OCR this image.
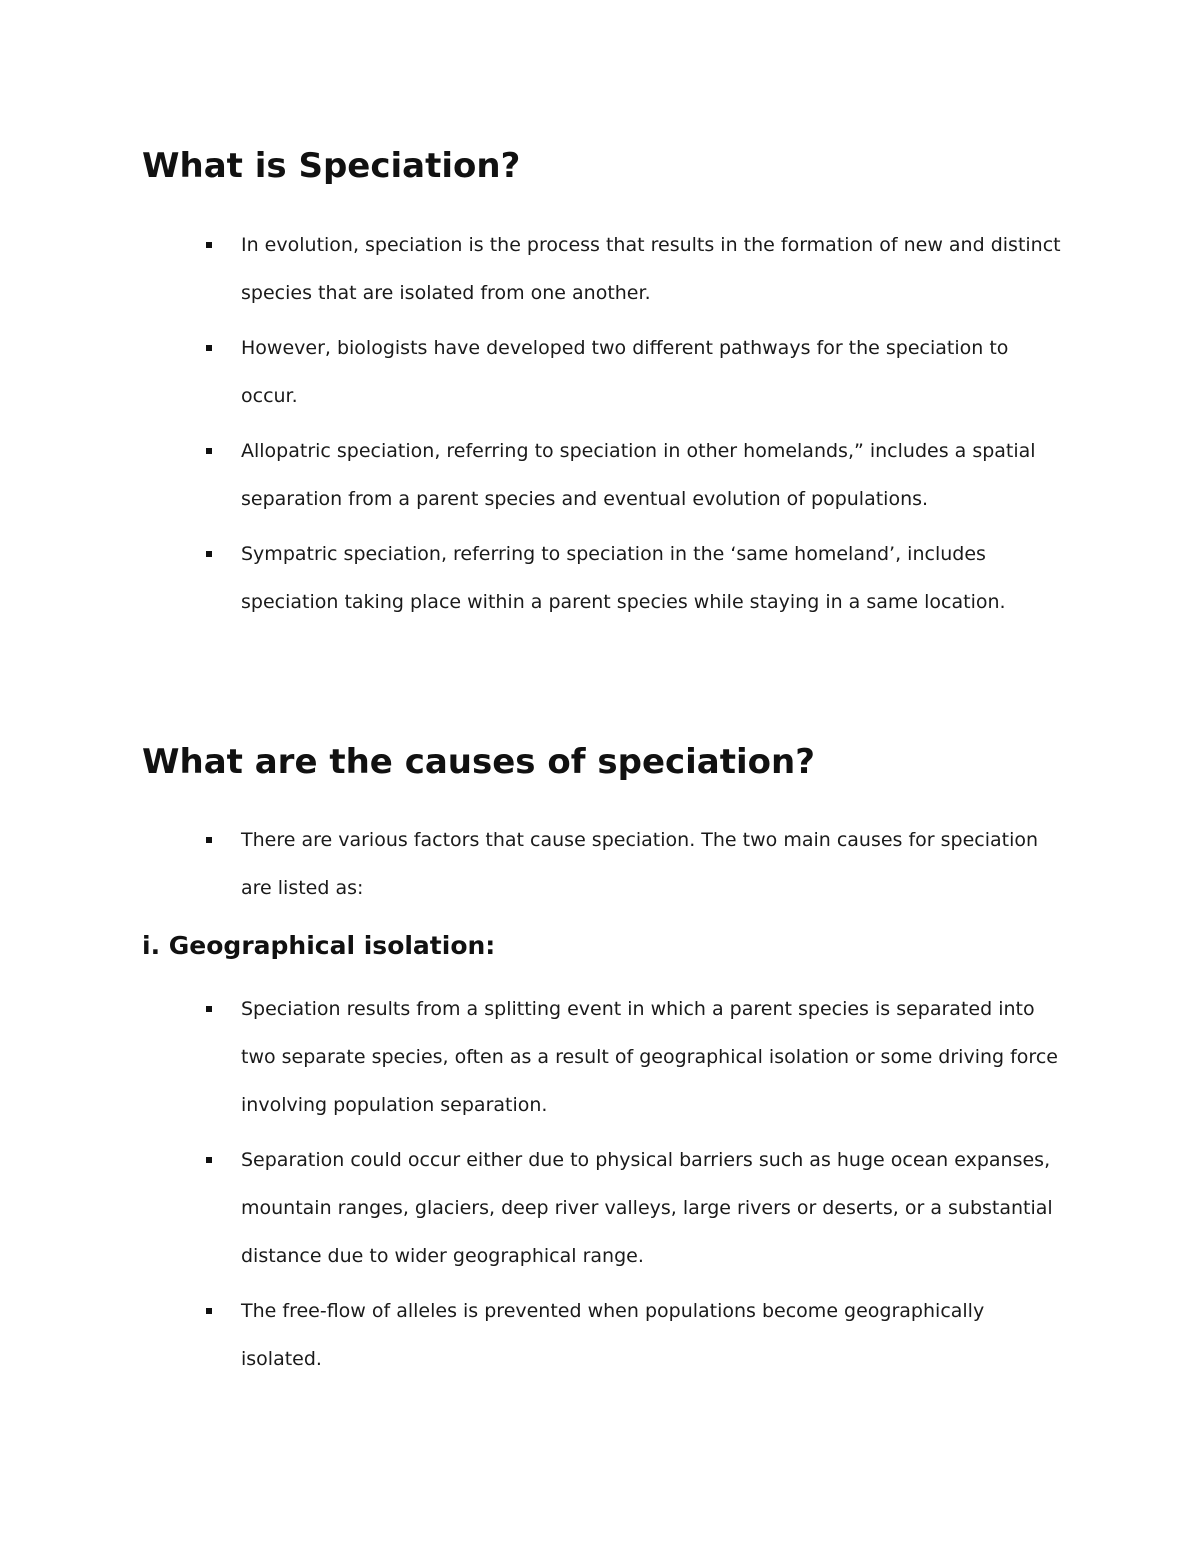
What is Speciation?
In evolution, speciation is the process that results in the formation of new and distinct species that are isolated from one another.
However, biologists have developed two different pathways for the speciation to occur.
Allopatric speciation, referring to speciation in other homelands,” includes a spatial separation from a parent species and eventual evolution of populations.
Sympatric speciation, referring to speciation in the ‘same homeland’, includes speciation taking place within a parent species while staying in a same location.
What are the causes of speciation?
There are various factors that cause speciation. The two main causes for speciation are listed as:
i. Geographical isolation:
Speciation results from a splitting event in which a parent species is separated into two separate species, often as a result of geographical isolation or some driving force involving population separation.
Separation could occur either due to physical barriers such as huge ocean expanses, mountain ranges, glaciers, deep river valleys, large rivers or deserts, or a substantial distance due to wider geographical range.
The free-flow of alleles is prevented when populations become geographically isolated.
